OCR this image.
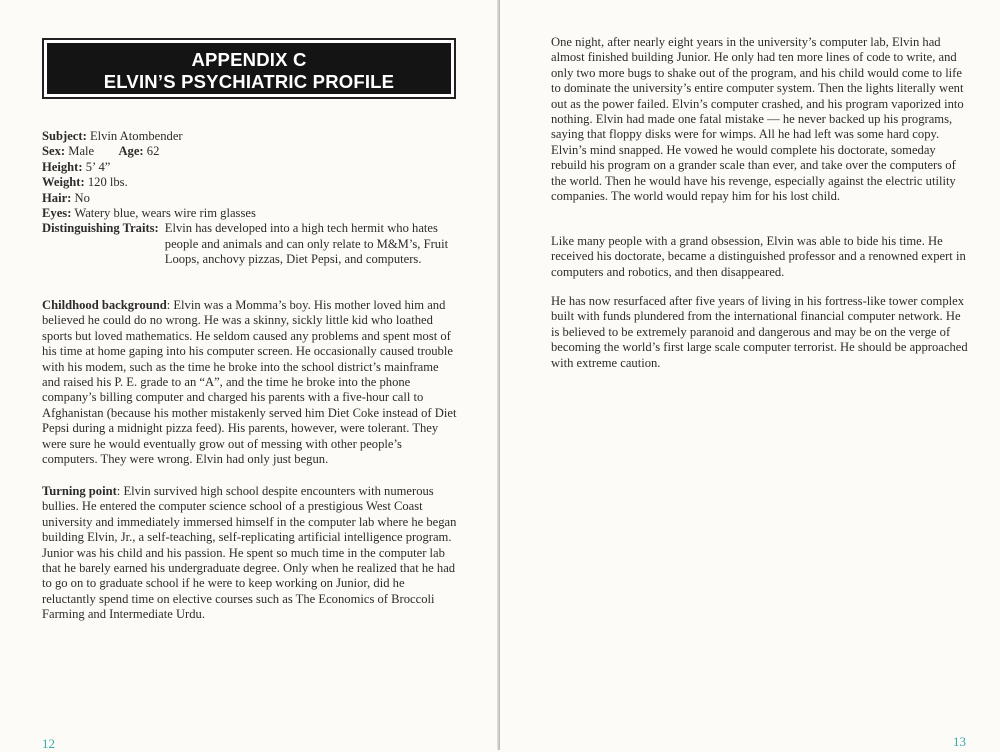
APPENDIX C
ELVIN’S PSYCHIATRIC PROFILE
Subject: Elvin Atombender
Sex: Male Age: 62
Height: 5’ 4”
Weight: 120 lbs.
Hair: No
Eyes: Watery blue, wears wire rim glasses
Distinguishing Traits: Elvin has developed into a high tech hermit who hates
people and animals and can only relate to M&M’s, Fruit Loops, anchovy pizzas, Diet Pepsi, and computers.
Childhood background: Elvin was a Momma’s boy. His mother loved him and believed he could do no wrong. He was a skinny, sickly little kid who loathed sports but loved mathematics. He seldom caused any problems and spent most of his time at home gaping into his computer screen. He occasionally caused trouble with his modem, such as the time he broke into the school district’s mainframe and raised his P. E. grade to an “A”, and the time he broke into the phone company’s billing computer and charged his parents with a five-hour call to Afghanistan (because his mother mistakenly served him Diet Coke instead of Diet Pepsi during a midnight pizza feed). His parents, however, were tolerant. They were sure he would eventually grow out of messing with other people’s computers. They were wrong. Elvin had only just begun.
Turning point: Elvin survived high school despite encounters with numerous bullies. He entered the computer science school of a prestigious West Coast university and immediately immersed himself in the computer lab where he began building Elvin, Jr., a self-teaching, self-replicating artificial intelligence program. Junior was his child and his passion. He spent so much time in the computer lab that he barely earned his undergraduate degree. Only when he realized that he had to go on to graduate school if he were to keep working on Junior, did he reluctantly spend time on elective courses such as The Economics of Broccoli Farming and Intermediate Urdu.
12
One night, after nearly eight years in the university’s computer lab, Elvin had almost finished building Junior. He only had ten more lines of code to write, and only two more bugs to shake out of the program, and his child would come to life to dominate the university’s entire computer system. Then the lights literally went out as the power failed. Elvin’s computer crashed, and his program vaporized into nothing. Elvin had made one fatal mistake — he never backed up his programs, saying that floppy disks were for wimps. All he had left was some hard copy. Elvin’s mind snapped. He vowed he would complete his doctorate, someday rebuild his program on a grander scale than ever, and take over the computers of the world. Then he would have his revenge, especially against the electric utility companies. The world would repay him for his lost child.
Like many people with a grand obsession, Elvin was able to bide his time. He received his doctorate, became a distinguished professor and a renowned expert in computers and robotics, and then disappeared.
He has now resurfaced after five years of living in his fortress-like tower complex built with funds plundered from the international financial computer network. He is believed to be extremely paranoid and dangerous and may be on the verge of becoming the world’s first large scale computer terrorist. He should be approached with extreme caution.
13
